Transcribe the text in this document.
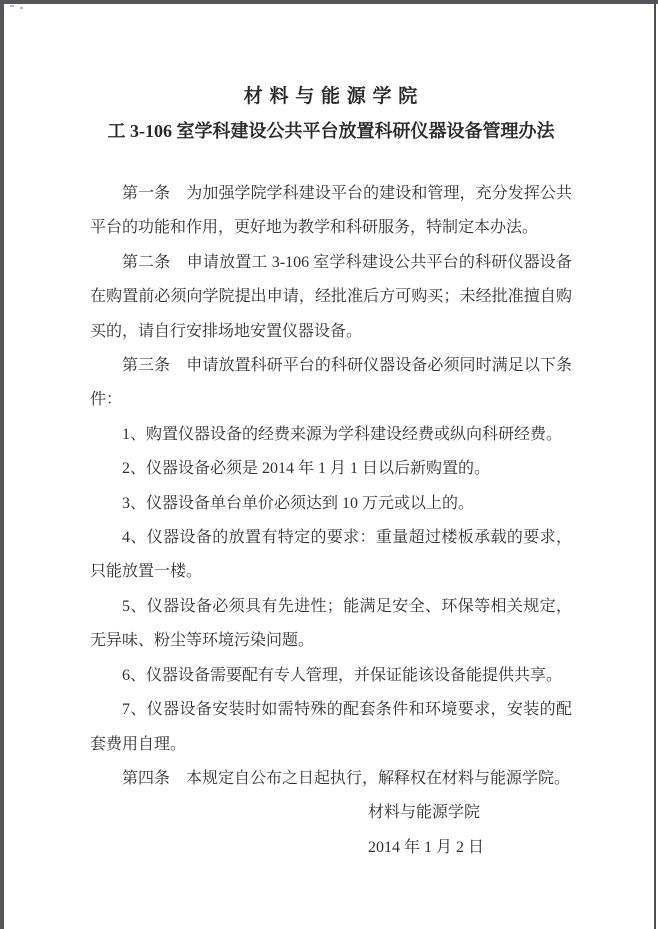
材 料 与 能 源 学 院
工 3-106 室学科建设公共平台放置科研仪器设备管理办法

第一条　为加强学院学科建设平台的建设和管理，充分发挥公共平台的功能和作用，更好地为教学和科研服务，特制定本办法。

第二条　申请放置工 3-106 室学科建设公共平台的科研仪器设备在购置前必须向学院提出申请，经批准后方可购买；未经批准擅自购买的，请自行安排场地安置仪器设备。

第三条　申请放置科研平台的科研仪器设备必须同时满足以下条件：

1、购置仪器设备的经费来源为学科建设经费或纵向科研经费。

2、仪器设备必须是 2014 年 1 月 1 日以后新购置的。

3、仪器设备单台单价必须达到 10 万元或以上的。

4、仪器设备的放置有特定的要求：重量超过楼板承载的要求，只能放置一楼。

5、仪器设备必须具有先进性；能满足安全、环保等相关规定，无异味、粉尘等环境污染问题。

6、仪器设备需要配有专人管理，并保证能该设备能提供共享。

7、仪器设备安装时如需特殊的配套条件和环境要求，安装的配套费用自理。

第四条　本规定自公布之日起执行，解释权在材料与能源学院。

材料与能源学院

2014 年 1 月 2 日
